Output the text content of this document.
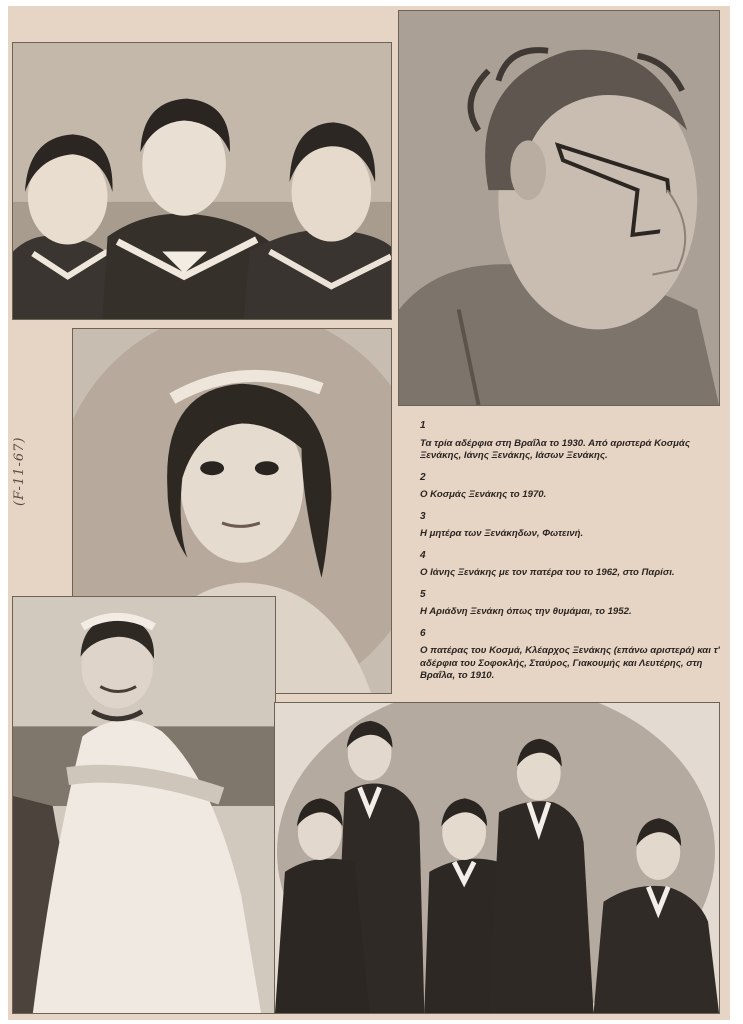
1
Τα τρία αδέρφια στη Βραΐλα το 1930. Από αριστερά Κοσμάς Ξενάκης, Ιάνης Ξενάκης, Ιάσων Ξενάκης.
2
Ο Κοσμάς Ξενάκης το 1970.
3
Η μητέρα των Ξενάκηδων, Φωτεινή.
4
Ο Ιάνης Ξενάκης με τον πατέρα του το 1962, στο Παρίσι.
5
Η Αριάδνη Ξενάκη όπως την θυμάμαι, το 1952.
6
Ο πατέρας του Κοσμά, Κλέαρχος Ξενάκης (επάνω αριστερά) και τ' αδέρφια του Σοφοκλής, Σταύρος, Γιακουμής και Λευτέρης, στη Βραΐλα, το 1910.
(F-11-67)
